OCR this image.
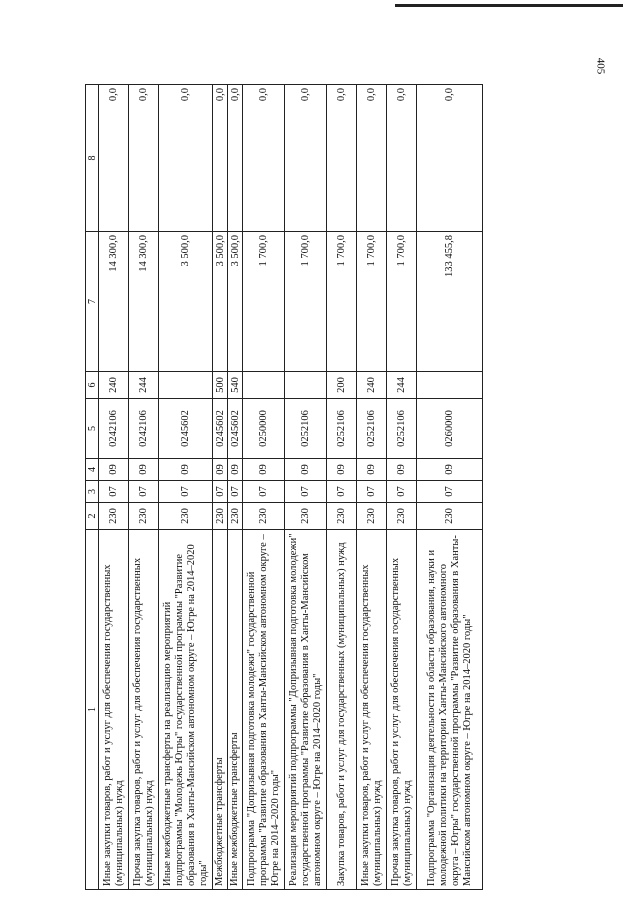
405
1	2	3	4	5	6	7	8
Иные закупки товаров, работ и услуг для обеспечения государственных (муниципальных) нужд	230	07	09	0242106	240	14 300,0	0,0
Прочая закупка товаров, работ и услуг для обеспечения государственных (муниципальных) нужд	230	07	09	0242106	244	14 300,0	0,0
Иные межбюджетные трансферты на реализацию мероприятий подпрограммы "Молодежь Югры" государственной программы "Развитие образования в Ханты-Мансийском автономном округе – Югре на 2014–2020 годы"	230	07	09	0245602		3 500,0	0,0
Межбюджетные трансферты	230	07	09	0245602	500	3 500,0	0,0
Иные межбюджетные трансферты	230	07	09	0245602	540	3 500,0	0,0
Подпрограмма "Допризывная подготовка молодежи" государственной программы "Развитие образования в Ханты-Мансийском автономном округе – Югре на 2014–2020 годы"	230	07	09	0250000		1 700,0	0,0
Реализация мероприятий подпрограммы "Допризывная подготовка молодежи" государственной программы "Развитие образования в Ханты-Мансийском автономном округе – Югре на 2014–2020 годы"	230	07	09	0252106		1 700,0	0,0
Закупка товаров, работ и услуг для государственных (муниципальных) нужд	230	07	09	0252106	200	1 700,0	0,0
Иные закупки товаров, работ и услуг для обеспечения государственных (муниципальных) нужд	230	07	09	0252106	240	1 700,0	0,0
Прочая закупка товаров, работ и услуг для обеспечения государственных (муниципальных) нужд	230	07	09	0252106	244	1 700,0	0,0
Подпрограмма "Организация деятельности в области образования, науки и молодежной политики на территории Ханты-Мансийского автономного округа – Югры" государственной программы "Развитие образования в Ханты-Мансийском автономном округе – Югре на 2014–2020 годы"	230	07	09	0260000		133 455,8	0,0
